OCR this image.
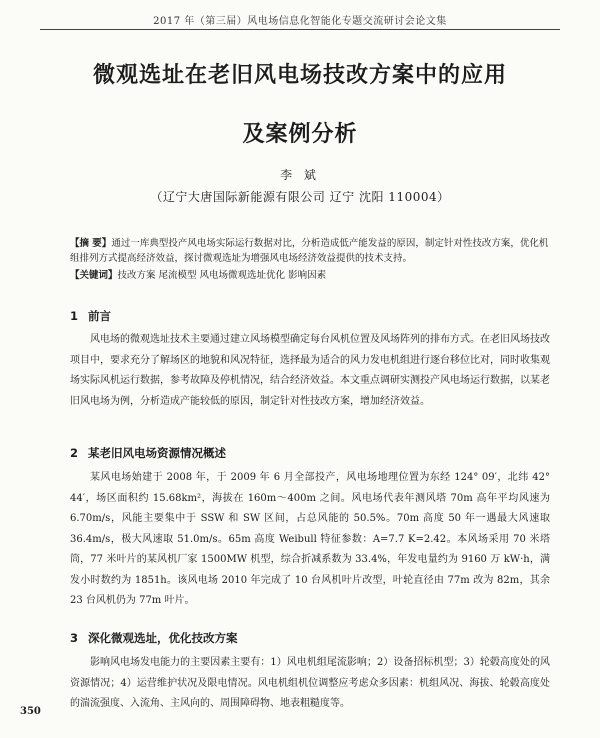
2017 年（第三届）风电场信息化智能化专题交流研讨会论文集
微观选址在老旧风电场技改方案中的应用
及案例分析
李 斌
（辽宁大唐国际新能源有限公司 辽宁 沈阳 110004）

【摘 要】通过一库典型投产风电场实际运行数据对比，分析造成低产能发益的原因，制定针对性技改方案，优化机组排列方式提高经济效益，探讨微观选址为增强风电场经济效益提供的技术支持。

【关键词】技改方案 尾流模型 风电场微观选址优化 影响因素

1 前言

风电场的微观选址技术主要通过建立风场模型确定每台风机位置及风场阵列的排布方式。在老旧风场技改项目中，要求充分了解场区的地貌和风况特征，选择最为适合的风力发电机组进行逐台移位比对，同时收集观场实际风机运行数据，参考故障及停机情况，结合经济效益。本文重点调研实测投产风电场运行数据，以某老旧风电场为例，分析造成产能较低的原因，制定针对性技改方案，增加经济效益。

2 某老旧风电场资源情况概述

某风电场始建于 2008 年，于 2009 年 6 月全部投产，风电场地理位置为东经 124° 09′，北纬 42° 44′，场区面积约 15.68km²，海拔在 160m～400m 之间。风电场代表年测风塔 70m 高年平均风速为 6.70m/s，风能主要集中于 SSW 和 SW 区间，占总风能的 50.5%。70m 高度 50 年一遇最大风速取 36.4m/s，极大风速取 51.0m/s。65m 高度 Weibull 特征参数：A=7.7 K=2.42。本风场采用 70 米塔筒，77 米叶片的某风机厂家 1500MW 机型，综合折减系数为 33.4%，年发电量约为 9160 万 kW·h，满发小时数约为 1851h。该风电场 2010 年完成了 10 台风机叶片改型，叶轮直径由 77m 改为 82m，其余 23 台风机仍为 77m 叶片。

3 深化微观选址，优化技改方案

影响风电场发电能力的主要因素主要有：1）风电机组尾流影响；2）设备招标机型；3）轮毂高度处的风资源情况；4）运营维护状况及限电情况。风电机组机位调整应考虑众多因素：机组风况、海拔、轮毂高度处的湍流强度、入流角、主风向的、周围障碍物、地表粗糙度等。

350
